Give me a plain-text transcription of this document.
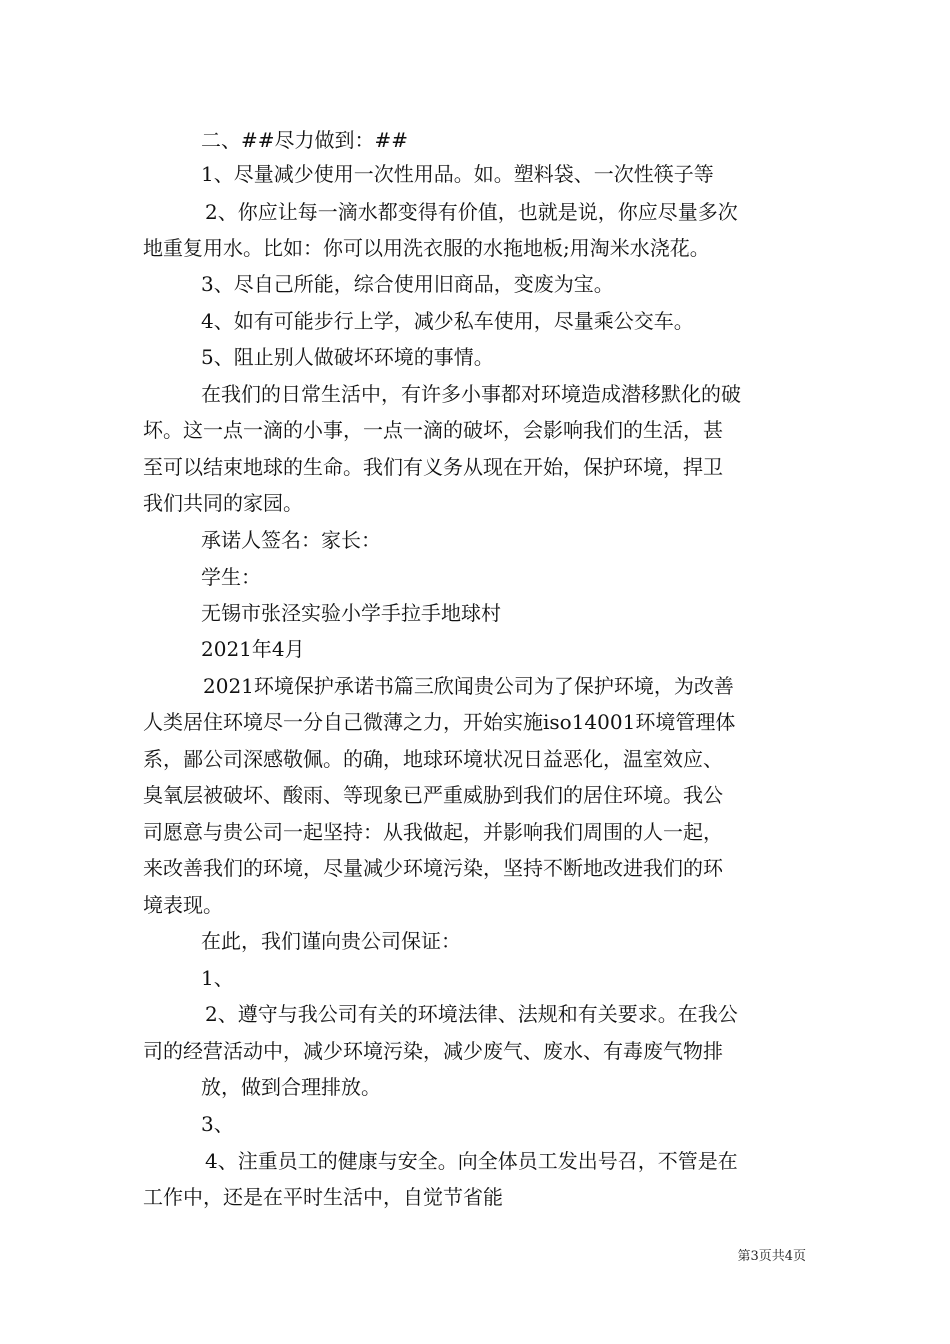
二、##尽力做到：##
1、尽量减少使用一次性用品。如。塑料袋、一次性筷子等
2、你应让每一滴水都变得有价值，也就是说，你应尽量多次
地重复用水。比如：你可以用洗衣服的水拖地板;用淘米水浇花。
3、尽自己所能，综合使用旧商品，变废为宝。
4、如有可能步行上学，减少私车使用，尽量乘公交车。
5、阻止别人做破坏环境的事情。
在我们的日常生活中，有许多小事都对环境造成潜移默化的破
坏。这一点一滴的小事，一点一滴的破坏，会影响我们的生活，甚
至可以结束地球的生命。我们有义务从现在开始，保护环境，捍卫
我们共同的家园。
承诺人签名：家长：
学生：
无锡市张泾实验小学手拉手地球村
2021年4月
2021环境保护承诺书篇三欣闻贵公司为了保护环境，为改善
人类居住环境尽一分自己微薄之力，开始实施iso14001环境管理体
系，鄙公司深感敬佩。的确，地球环境状况日益恶化，温室效应、
臭氧层被破坏、酸雨、等现象已严重威胁到我们的居住环境。我公
司愿意与贵公司一起坚持：从我做起，并影响我们周围的人一起，
来改善我们的环境，尽量减少环境污染，坚持不断地改进我们的环
境表现。
在此，我们谨向贵公司保证：
1、
2、遵守与我公司有关的环境法律、法规和有关要求。在我公
司的经营活动中，减少环境污染，减少废气、废水、有毒废气物排
放，做到合理排放。
3、
4、注重员工的健康与安全。向全体员工发出号召，不管是在
工作中，还是在平时生活中，自觉节省能
第3页共4页
